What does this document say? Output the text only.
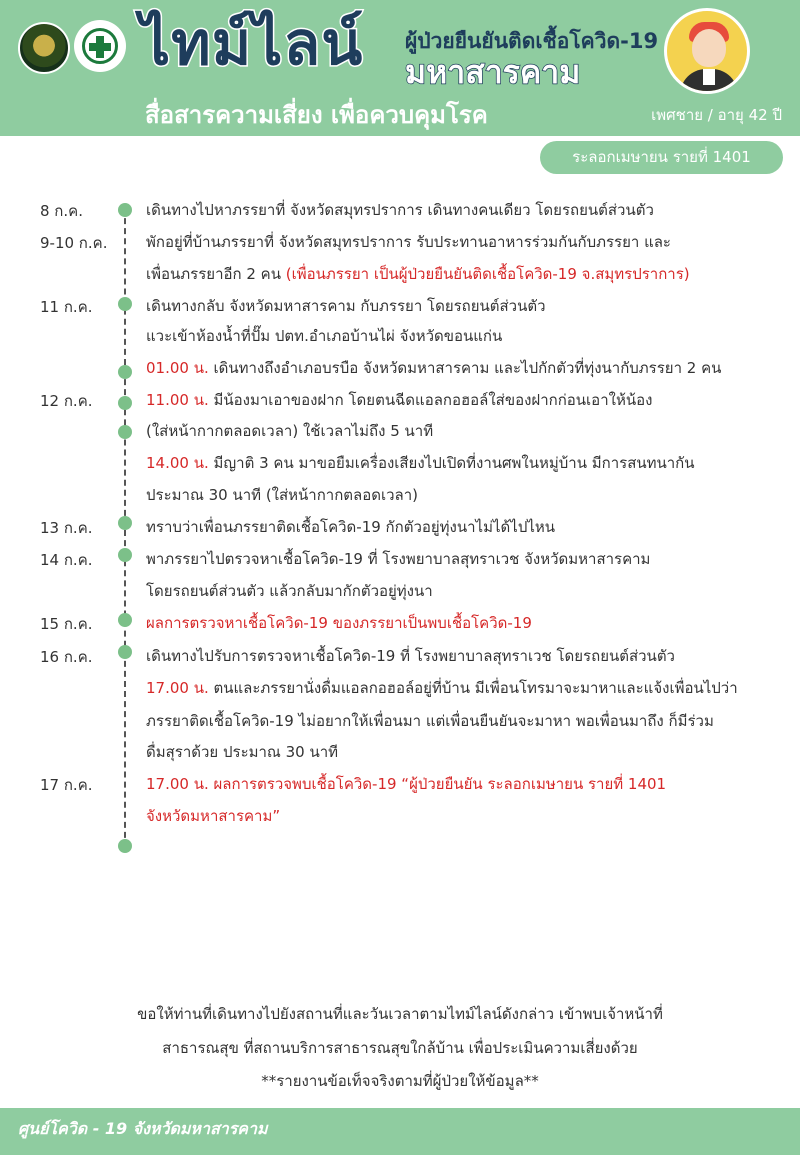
ไทม์ไลน์ ผู้ป่วยยืนยันติดเชื้อโควิด-19
มหาสารคาม
สื่อสารความเสี่ยง เพื่อควบคุมโรค	เพศชาย / อายุ 42 ปี
ระลอกเมษายน รายที่ 1401
8 ก.ค.	เดินทางไปหาภรรยาที่ จังหวัดสมุทรปราการ เดินทางคนเดียว โดยรถยนต์ส่วนตัว
9-10 ก.ค.	พักอยู่ที่บ้านภรรยาที่ จังหวัดสมุทรปราการ รับประทานอาหารร่วมกันกับภรรยา และ
เพื่อนภรรยาอีก 2 คน (เพื่อนภรรยา เป็นผู้ป่วยยืนยันติดเชื้อโควิด-19 จ.สมุทรปราการ)
11 ก.ค.	เดินทางกลับ จังหวัดมหาสารคาม กับภรรยา โดยรถยนต์ส่วนตัว
แวะเข้าห้องน้ำที่ปั๊ม ปตท.อำเภอบ้านไผ่ จังหวัดขอนแก่น
01.00 น. เดินทางถึงอำเภอบรบือ จังหวัดมหาสารคาม และไปกักตัวที่ทุ่งนากับภรรยา 2 คน
12 ก.ค.	11.00 น. มีน้องมาเอาของฝาก โดยตนฉีดแอลกอฮอล์ใส่ของฝากก่อนเอาให้น้อง
(ใส่หน้ากากตลอดเวลา) ใช้เวลาไม่ถึง 5 นาที
14.00 น. มีญาติ 3 คน มาขอยืมเครื่องเสียงไปเปิดที่งานศพในหมู่บ้าน มีการสนทนากัน
ประมาณ 30 นาที (ใส่หน้ากากตลอดเวลา)
13 ก.ค.	ทราบว่าเพื่อนภรรยาติดเชื้อโควิด-19 กักตัวอยู่ทุ่งนาไม่ได้ไปไหน
14 ก.ค.	พาภรรยาไปตรวจหาเชื้อโควิด-19 ที่ โรงพยาบาลสุทราเวช จังหวัดมหาสารคาม
โดยรถยนต์ส่วนตัว แล้วกลับมากักตัวอยู่ทุ่งนา
15 ก.ค.	ผลการตรวจหาเชื้อโควิด-19 ของภรรยาเป็นพบเชื้อโควิด-19
16 ก.ค.	เดินทางไปรับการตรวจหาเชื้อโควิด-19 ที่ โรงพยาบาลสุทราเวช โดยรถยนต์ส่วนตัว
17.00 น. ตนและภรรยานั่งดื่มแอลกอฮอล์อยู่ที่บ้าน มีเพื่อนโทรมาจะมาหาและแจ้งเพื่อนไปว่า
ภรรยาติดเชื้อโควิด-19 ไม่อยากให้เพื่อนมา แต่เพื่อนยืนยันจะมาหา พอเพื่อนมาถึง ก็มีร่วม
ดื่มสุราด้วย ประมาณ 30 นาที
17 ก.ค.	17.00 น. ผลการตรวจพบเชื้อโควิด-19 “ผู้ป่วยยืนยัน ระลอกเมษายน รายที่ 1401
จังหวัดมหาสารคาม”
ขอให้ท่านที่เดินทางไปยังสถานที่และวันเวลาตามไทม์ไลน์ดังกล่าว เข้าพบเจ้าหน้าที่
สาธารณสุข ที่สถานบริการสาธารณสุขใกล้บ้าน เพื่อประเมินความเสี่ยงด้วย
**รายงานข้อเท็จจริงตามที่ผู้ป่วยให้ข้อมูล**
ศูนย์โควิด - 19 จังหวัดมหาสารคาม
